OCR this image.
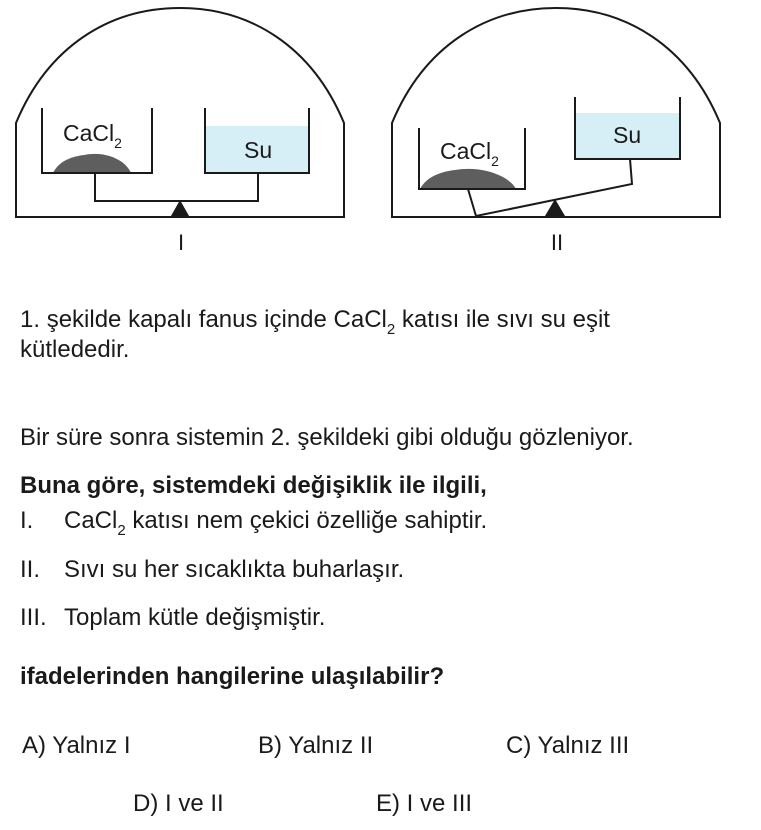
CaCl$_2$	Su
I
CaCl$_2$
Su
II

1. şekilde kapalı fanus içinde CaCl$_2$ katısı ile sıvı su eşit
kütlededir.

Bir süre sonra sistemin 2. şekildeki gibi olduğu gözleniyor.

Buna göre, sistemdeki değişiklik ile ilgili,

I. CaCl$_2$ katısı nem çekici özelliğe sahiptir.

II. Sıvı su her sıcaklıkta buharlaşır.

III. Toplam kütle değişmiştir.

ifadelerinden hangilerine ulaşılabilir?

A) Yalnız I	B) Yalnız II	C) Yalnız III
D) I ve II	E) I ve III
